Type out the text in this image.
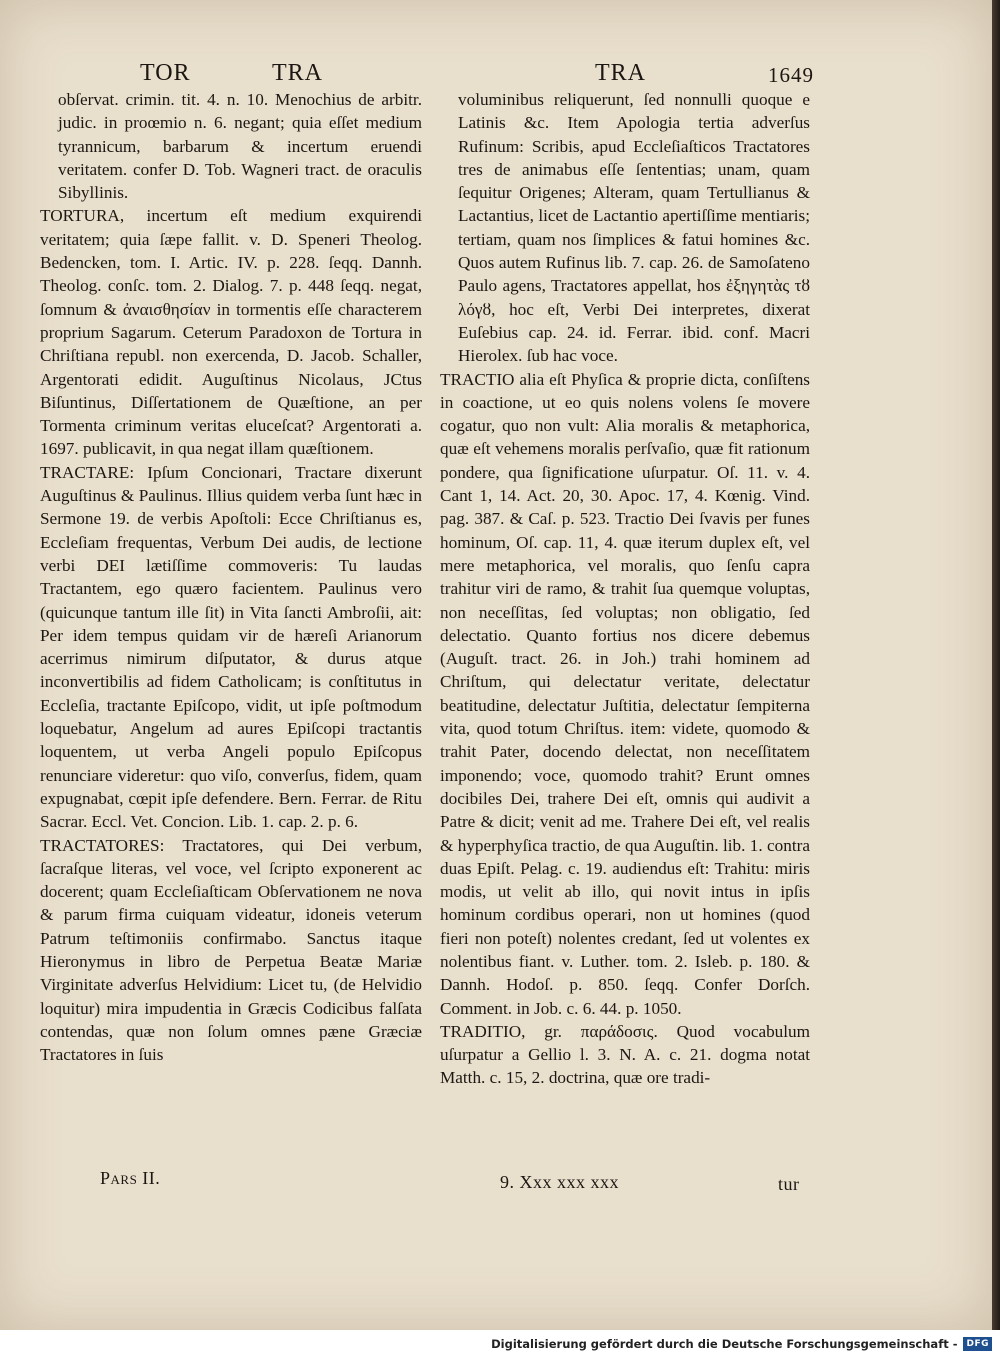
TOR	TRA	TRA	1649

obſervat. crimin. tit. 4. n. 10. Menochius de arbitr. judic. in proœmio n. 6. negant; quia eſſet medium tyrannicum, barbarum & incertum eruendi veritatem. confer D. Tob. Wagneri tract. de oraculis Sibyllinis.

TORTURA, incertum eſt medium exquirendi veritatem; quia ſæpe fallit. v. D. Speneri Theolog. Bedencken, tom. I. Artic. IV. p. 228. ſeqq. Dannh. Theolog. conſc. tom. 2. Dialog. 7. p. 448 ſeqq. negat, ſomnum & ἀναισθησίαν in tormentis eſſe characterem proprium Sagarum. Ceterum Paradoxon de Tortura in Chriſtiana republ. non exercenda, D. Jacob. Schaller, Argentorati edidit. Auguſtinus Nicolaus, JCtus Biſuntinus, Diſſertationem de Quæſtione, an per Tormenta criminum veritas eluceſcat? Argentorati a. 1697. publicavit, in qua negat illam quæſtionem.

TRACTARE: Ipſum Concionari, Tractare dixerunt Auguſtinus & Paulinus. Illius quidem verba ſunt hæc in Sermone 19. de verbis Apoſtoli: Ecce Chriſtianus es, Eccleſiam frequentas, Verbum Dei audis, de lectione verbi DEI lætiſſime commoveris: Tu laudas Tractantem, ego quæro facientem. Paulinus vero (quicunque tantum ille ſit) in Vita ſancti Ambroſii, ait: Per idem tempus quidam vir de hæreſi Arianorum acerrimus nimirum diſputator, & durus atque inconvertibilis ad fidem Catholicam; is conſtitutus in Eccleſia, tractante Epiſcopo, vidit, ut ipſe poſtmodum loquebatur, Angelum ad aures Epiſcopi tractantis loquentem, ut verba Angeli populo Epiſcopus renunciare videretur: quo viſo, converſus, fidem, quam expugnabat, cœpit ipſe defendere. Bern. Ferrar. de Ritu Sacrar. Eccl. Vet. Concion. Lib. 1. cap. 2. p. 6.

TRACTATORES: Tractatores, qui Dei verbum, ſacraſque literas, vel voce, vel ſcripto exponerent ac docerent; quam Eccleſiaſticam Obſervationem ne nova & parum firma cuiquam videatur, idoneis veterum Patrum teſtimoniis confirmabo. Sanctus itaque Hieronymus in libro de Perpetua Beatæ Mariæ Virginitate adverſus Helvidium: Licet tu, (de Helvidio loquitur) mira impudentia in Græcis Codicibus falſata contendas, quæ non ſolum omnes pæne Græciæ Tractatores in ſuis

voluminibus reliquerunt, ſed nonnulli quoque e Latinis &c. Item Apologia tertia adverſus Rufinum: Scribis, apud Eccleſiaſticos Tractatores tres de animabus eſſe ſententias; unam, quam ſequitur Origenes; Alteram, quam Tertullianus & Lactantius, licet de Lactantio apertiſſime mentiaris; tertiam, quam nos ſimplices & fatui homines &c. Quos autem Rufinus lib. 7. cap. 26. de Samoſateno Paulo agens, Tractatores appellat, hos ἐξηγητὰς τȣ λόγȣ, hoc eſt, Verbi Dei interpretes, dixerat Euſebius cap. 24. id. Ferrar. ibid. conf. Macri Hierolex. ſub hac voce.

TRACTIO alia eſt Phyſica & proprie dicta, conſiſtens in coactione, ut eo quis nolens volens ſe movere cogatur, quo non vult: Alia moralis & metaphorica, quæ eſt vehemens moralis perſvaſio, quæ fit rationum pondere, qua ſignificatione uſurpatur. Oſ. 11. v. 4. Cant 1, 14. Act. 20, 30. Apoc. 17, 4. Kœnig. Vind. pag. 387. & Caſ. p. 523. Tractio Dei ſvavis per funes hominum, Oſ. cap. 11, 4. quæ iterum duplex eſt, vel mere metaphorica, vel moralis, quo ſenſu capra trahitur viri de ramo, & trahit ſua quemque voluptas, non neceſſitas, ſed voluptas; non obligatio, ſed delectatio. Quanto fortius nos dicere debemus (Auguſt. tract. 26. in Joh.) trahi hominem ad Chriſtum, qui delectatur veritate, delectatur beatitudine, delectatur Juſtitia, delectatur ſempiterna vita, quod totum Chriſtus. item: videte, quomodo & trahit Pater, docendo delectat, non neceſſitatem imponendo; voce, quomodo trahit? Erunt omnes docibiles Dei, trahere Dei eſt, omnis qui audivit a Patre & dicit; venit ad me. Trahere Dei eſt, vel realis & hyperphyſica tractio, de qua Auguſtin. lib. 1. contra duas Epiſt. Pelag. c. 19. audiendus eſt: Trahitu: miris modis, ut velit ab illo, qui novit intus in ipſis hominum cordibus operari, non ut homines (quod fieri non poteſt) nolentes credant, ſed ut volentes ex nolentibus fiant. v. Luther. tom. 2. Isleb. p. 180. & Dannh. Hodoſ. p. 850. ſeqq. Confer Dorſch. Comment. in Job. c. 6. 44. p. 1050.

TRADITIO, gr. παράδοσις. Quod vocabulum uſurpatur a Gellio l. 3. N. A. c. 21. dogma notat Matth. c. 15, 2. doctrina, quæ ore tradi-

Pars II.	9. Xxx xxx xxx	tur
Digitalisierung gefördert durch die Deutsche Forschungsgemeinschaft -	DFG
